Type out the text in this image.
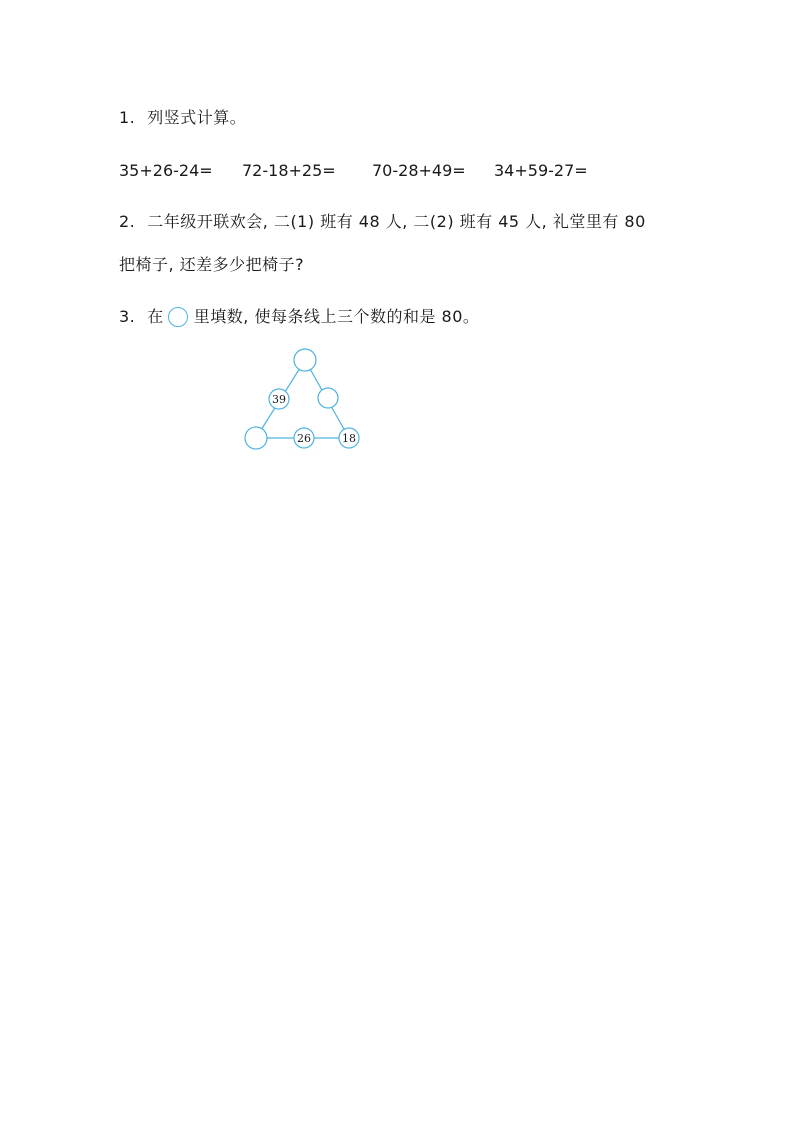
1. 列竖式计算。
35+26-24= 72-18+25= 70-28+49= 34+59-27=
2. 二年级开联欢会, 二(1) 班有 48 人, 二(2) 班有 45 人, 礼堂里有 80
把椅子, 还差多少把椅子?
3. 在 里填数, 使每条线上三个数的和是 80。
39
26	18
